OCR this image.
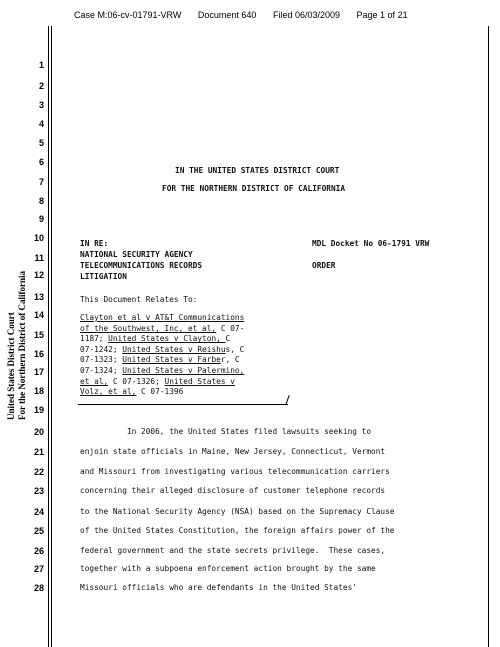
Case M:06-cv-01791-VRW Document 640 Filed 06/03/2009 Page 1 of 21
United States District Court For the Northern District of California
1
2
3
4
5
6
7
8
9
10
11
12
13
14
15
16
17
18
19
20
21
22
23
24
25
26
27
28
IN THE UNITED STATES DISTRICT COURT
FOR THE NORTHERN DISTRICT OF CALIFORNIA
IN RE:
NATIONAL SECURITY AGENCY
TELECOMMUNICATIONS RECORDS
LITIGATION
MDL Docket No 06-1791 VRW
ORDER
This Document Relates To:
Clayton et al v AT&T Communications
of the Southwest, Inc, et al, C 07-
1187; United States v Clayton, C
07-1242; United States v Reishus, C
07-1323; United States v Farber, C
07-1324; United States v Palermino,
et al, C 07-1326; United States v
Volz, et al, C 07-1396
In 2006, the United States filed lawsuits seeking to
enjoin state officials in Maine, New Jersey, Connecticut, Vermont
and Missouri from investigating various telecommunication carriers
concerning their alleged disclosure of customer telephone records
to the National Security Agency (NSA) based on the Supremacy Clause
of the United States Constitution, the foreign affairs power of the
federal government and the state secrets privilege.  These cases,
together with a subpoena enforcement action brought by the same
Missouri officials who are defendants in the United States'
